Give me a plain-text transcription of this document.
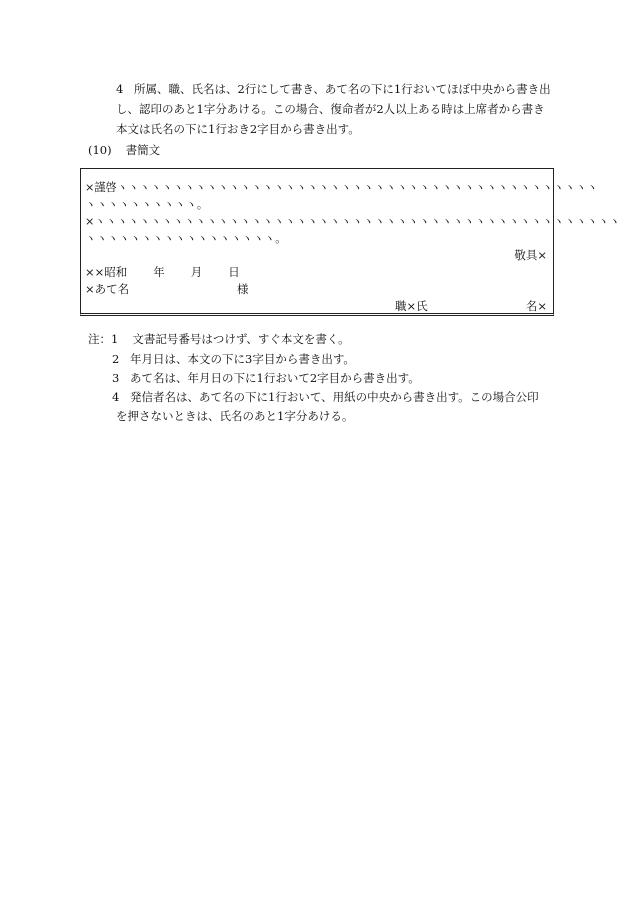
4 所属、職、氏名は、2行にして書き、あて名の下に1行おいてほぼ中央から書き出
し、認印のあと1字分あける。この場合、復命者が2人以上ある時は上席者から書き
本文は氏名の下に1行おき2字目から書き出す。
(10) 書簡文
×謹啓ヽヽヽヽヽヽヽヽヽヽヽヽヽヽヽヽヽヽヽヽヽヽヽヽヽヽヽヽヽヽヽヽヽヽヽヽヽヽヽヽヽヽヽ
ヽヽヽヽヽヽヽヽヽヽ。
×ヽヽヽヽヽヽヽヽヽヽヽヽヽヽヽヽヽヽヽヽヽヽヽヽヽヽヽヽヽヽヽヽヽヽヽヽヽヽヽヽヽヽヽヽヽヽヽ
ヽヽヽヽヽヽヽヽヽヽヽヽヽヽヽヽヽ。
敬具×
××昭和 年 月 日
×あて名	様
職×氏	名×
注：1 文書記号番号はつけず、すぐ本文を書く。
2 年月日は、本文の下に3字目から書き出す。
3 あて名は、年月日の下に1行おいて2字目から書き出す。
4 発信者名は、あて名の下に1行おいて、用紙の中央から書き出す。この場合公印
を押さないときは、氏名のあと1字分あける。
